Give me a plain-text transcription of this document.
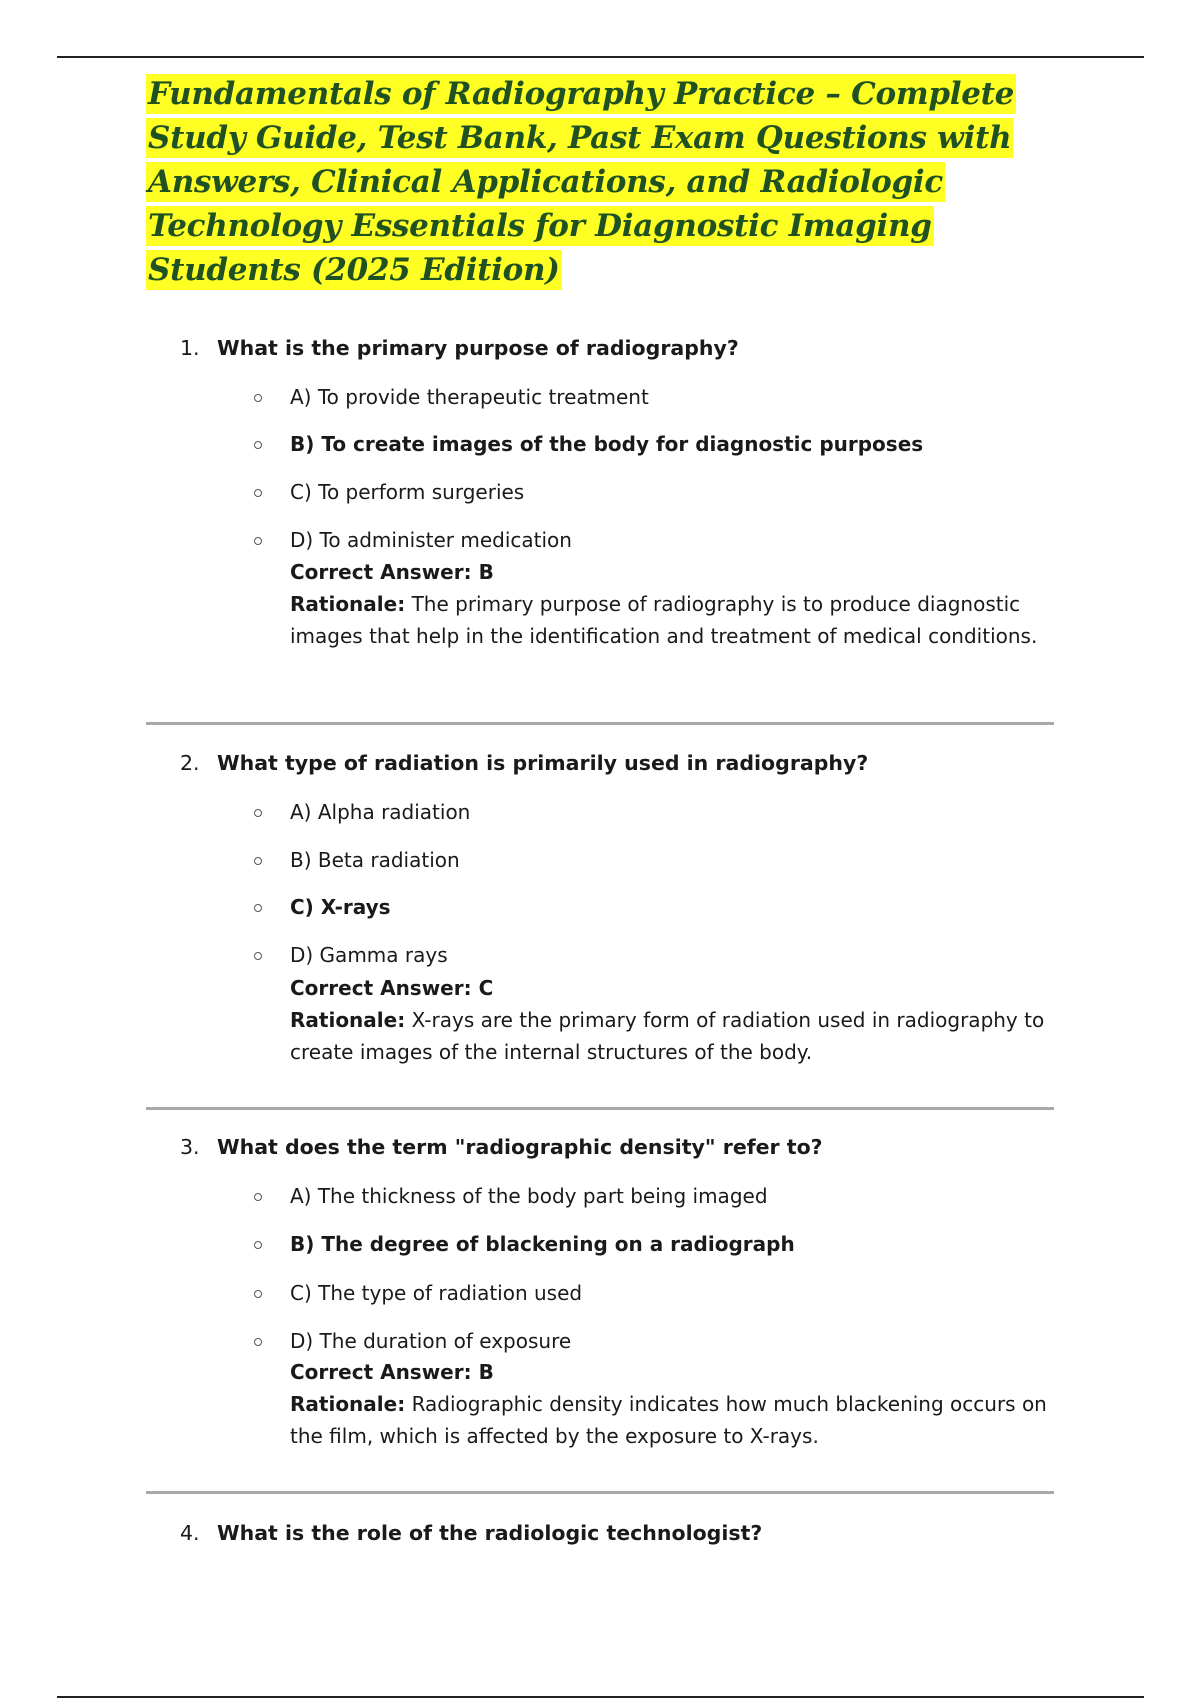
Fundamentals of Radiography Practice – Complete Study Guide, Test Bank, Past Exam Questions with Answers, Clinical Applications, and Radiologic Technology Essentials for Diagnostic Imaging Students (2025 Edition)
1. What is the primary purpose of radiography?
A) To provide therapeutic treatment
B) To create images of the body for diagnostic purposes
C) To perform surgeries
D) To administer medication
Correct Answer: B
Rationale: The primary purpose of radiography is to produce diagnostic images that help in the identification and treatment of medical conditions.
2. What type of radiation is primarily used in radiography?
A) Alpha radiation
B) Beta radiation
C) X-rays
D) Gamma rays
Correct Answer: C
Rationale: X-rays are the primary form of radiation used in radiography to create images of the internal structures of the body.
3. What does the term "radiographic density" refer to?
A) The thickness of the body part being imaged
B) The degree of blackening on a radiograph
C) The type of radiation used
D) The duration of exposure
Correct Answer: B
Rationale: Radiographic density indicates how much blackening occurs on the film, which is affected by the exposure to X-rays.
4. What is the role of the radiologic technologist?
